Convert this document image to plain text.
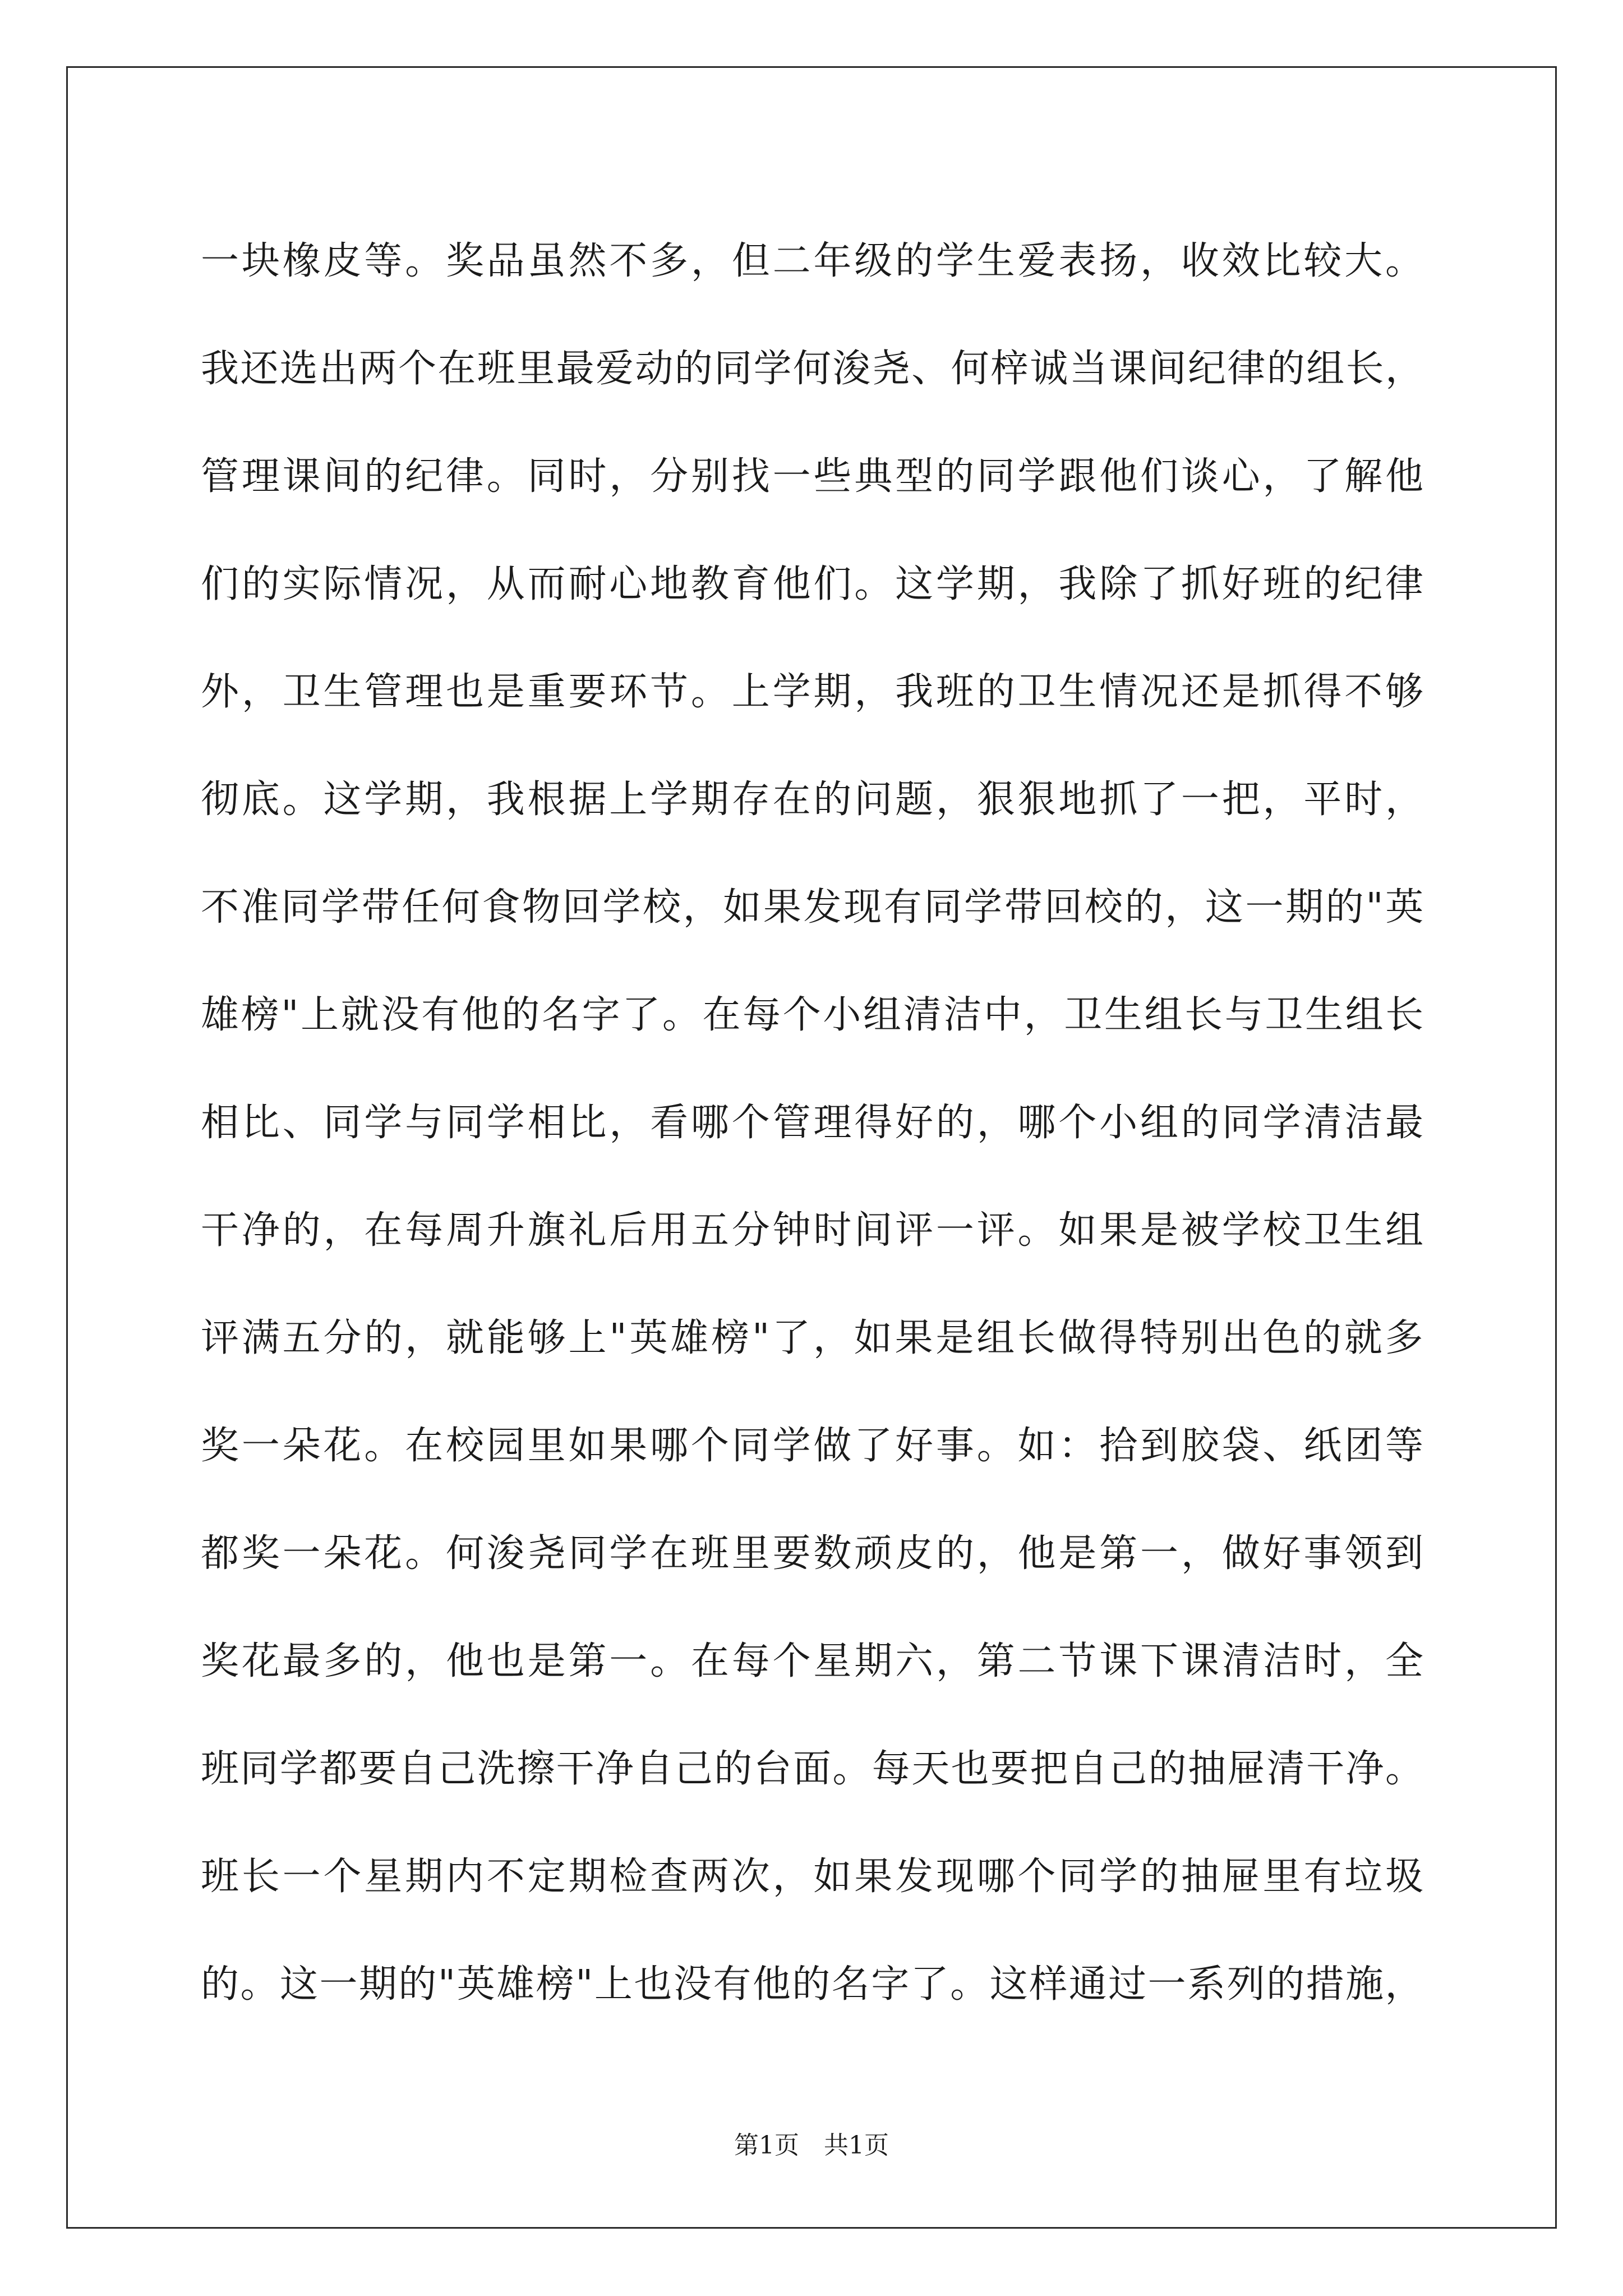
一块橡皮等。奖品虽然不多，但二年级的学生爱表扬，收效比较大。
我还选出两个在班里最爱动的同学何浚尧、何梓诚当课间纪律的组长，
管理课间的纪律。同时，分别找一些典型的同学跟他们谈心，了解他
们的实际情况，从而耐心地教育他们。这学期，我除了抓好班的纪律
外，卫生管理也是重要环节。上学期，我班的卫生情况还是抓得不够
彻底。这学期，我根据上学期存在的问题，狠狠地抓了一把，平时，
不准同学带任何食物回学校，如果发现有同学带回校的，这一期的"英
雄榜"上就没有他的名字了。在每个小组清洁中，卫生组长与卫生组长
相比、同学与同学相比，看哪个管理得好的，哪个小组的同学清洁最
干净的，在每周升旗礼后用五分钟时间评一评。如果是被学校卫生组
评满五分的，就能够上"英雄榜"了，如果是组长做得特别出色的就多
奖一朵花。在校园里如果哪个同学做了好事。如：拾到胶袋、纸团等
都奖一朵花。何浚尧同学在班里要数顽皮的，他是第一，做好事领到
奖花最多的，他也是第一。在每个星期六，第二节课下课清洁时，全
班同学都要自己洗擦干净自己的台面。每天也要把自己的抽屉清干净。
班长一个星期内不定期检查两次，如果发现哪个同学的抽屉里有垃圾
的。这一期的"英雄榜"上也没有他的名字了。这样通过一系列的措施，
第1页　共1页
